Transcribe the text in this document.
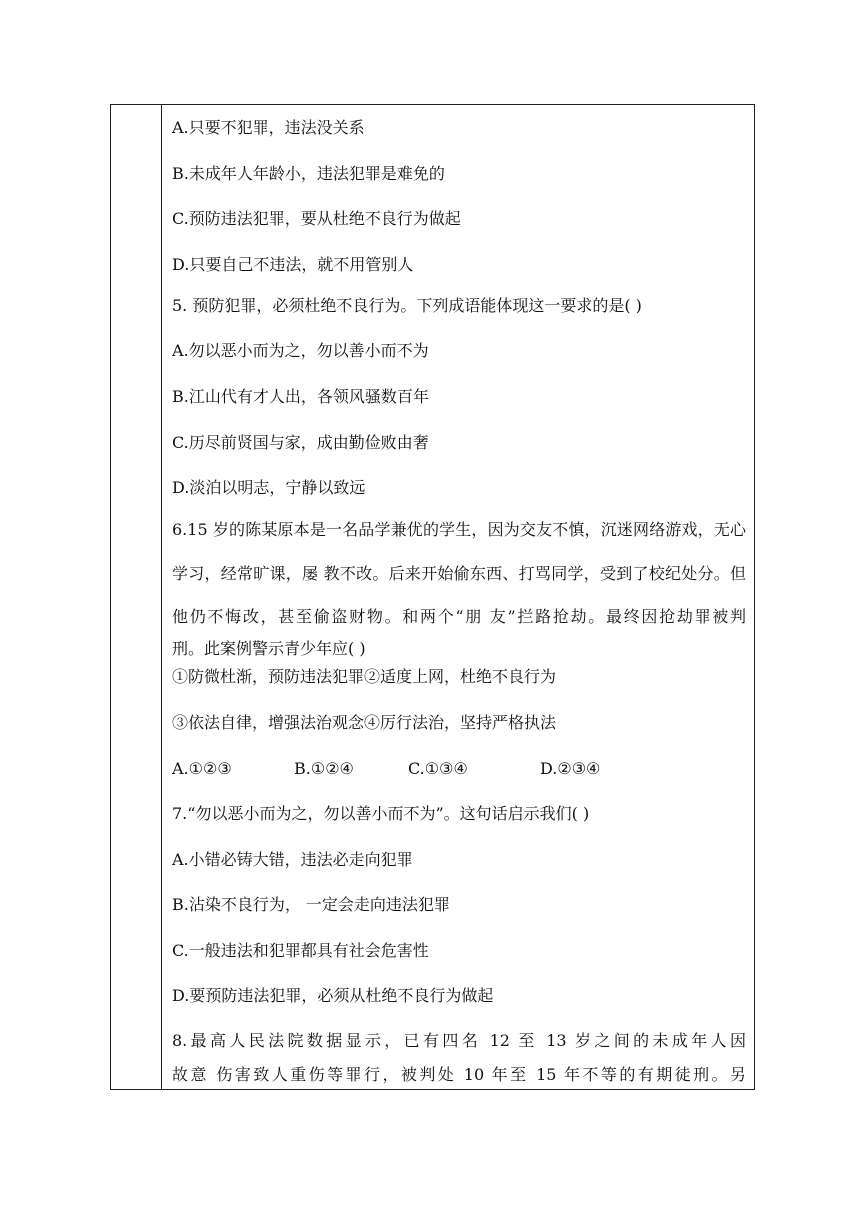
A.只要不犯罪，违法没关系
B.未成年人年龄小，违法犯罪是难免的
C.预防违法犯罪，要从杜绝不良行为做起
D.只要自己不违法，就不用管别人
5. 预防犯罪，必须杜绝不良行为。下列成语能体现这一要求的是( )
A.勿以恶小而为之，勿以善小而不为
B.江山代有才人出，各领风骚数百年
C.历尽前贤国与家，成由勤俭败由奢
D.淡泊以明志，宁静以致远
6.15 岁的陈某原本是一名品学兼优的学生，因为交友不慎，沉迷网络游戏，无心
学习，经常旷课，屡 教不改。后来开始偷东西、打骂同学，受到了校纪处分。但
他仍不悔改，甚至偷盗财物。和两个“朋 友”拦路抢劫。最终因抢劫罪被判
刑。此案例警示青少年应( )
①防微杜渐，预防违法犯罪②适度上网，杜绝不良行为
③依法自律，增强法治观念④厉行法治，坚持严格执法
A.①②③	B.①②④	C.①③④	D.②③④
7.“勿以恶小而为之，勿以善小而不为”。这句话启示我们( )
A.小错必铸大错，违法必走向犯罪
B.沾染不良行为， 一定会走向违法犯罪
C.一般违法和犯罪都具有社会危害性
D.要预防违法犯罪，必须从杜绝不良行为做起
8.最高人民法院数据显示，已有四名 12 至 13 岁之间的未成年人因
故意 伤害致人重伤等罪行，被判处 10 年至 15 年不等的有期徒刑。另
